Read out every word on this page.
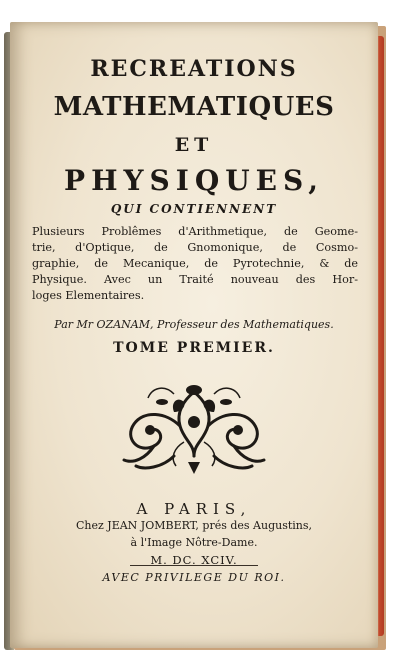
RECREATIONS
MATHEMATIQUES
ET
PHYSIQUES,
QUI CONTIENNENT
Plusieurs Problêmes d'Arithmetique, de Geome-
trie, d'Optique, de Gnomonique, de Cosmo-
graphie, de Mecanique, de Pyrotechnie, & de
Physique. Avec un Traité nouveau des Hor-
loges Elementaires.
Par Mr OZANAM, Professeur des Mathematiques.
TOME PREMIER.
A PARIS,
Chez JEAN JOMBERT, prés des Augustins,
à l'Image Nôtre-Dame.
M. DC. XCIV.
AVEC PRIVILEGE DU ROI.
